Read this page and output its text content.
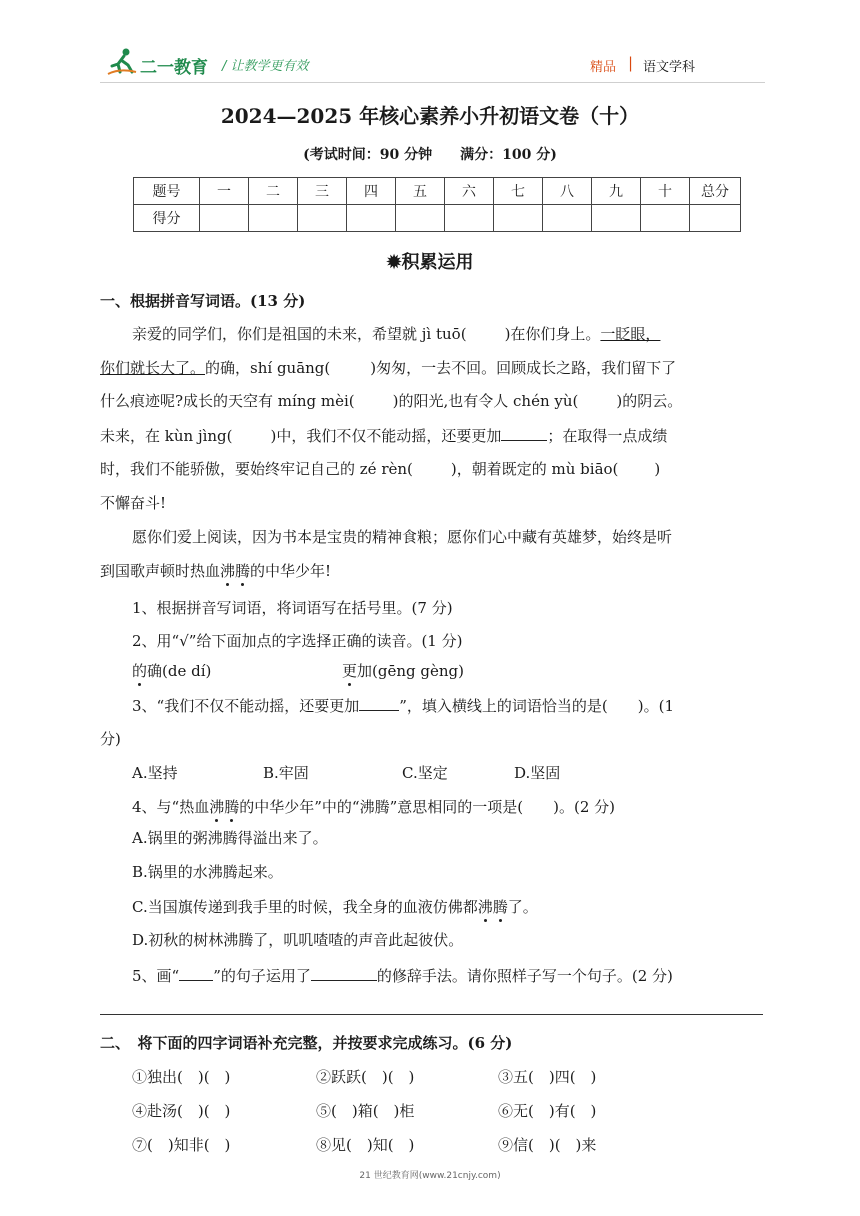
二一教育 / 让教学更有效	精品 | 语文学科
2024—2025 年核心素养小升初语文卷（十）
(考试时间：90 分钟　　满分：100 分)
题号	一	二	三	四	五	六	七	八	九	十	总分
得分											
✹积累运用
一、根据拼音写词语。(13 分)
亲爱的同学们，你们是祖国的未来，希望就 jì tuō(	)在你们身上。一眨眼，
你们就长大了。的确，shí guāng(	)匆匆，一去不回。回顾成长之路，我们留下了
什么痕迹呢?成长的天空有 míng mèi(	)的阳光,也有令人 chén yù(	)的阴云。
未来，在 kùn jìng(	)中，我们不仅不能动摇，还要更加	；在取得一点成绩
时，我们不能骄傲，要始终牢记自己的 zé rèn(	)，朝着既定的 mù biāo( )
不懈奋斗!
愿你们爱上阅读，因为书本是宝贵的精神食粮；愿你们心中藏有英雄梦，始终是听
到国歌声顿时热血沸腾的中华少年!
1、根据拼音写词语，将词语写在括号里。(7 分)
2、用“√”给下面加点的字选择正确的读音。(1 分)
的确(de dí)	更加(gēng gèng)
3、“我们不仅不能动摇，还要更加	”，填入横线上的词语恰当的是(　　)。(1
分)
A.坚持	B.牢固	C.坚定	D.坚固
4、与“热血沸腾的中华少年”中的“沸腾”意思相同的一项是(　　)。(2 分)
A.锅里的粥沸腾得溢出来了。
B.锅里的水沸腾起来。
C.当国旗传递到我手里的时候，我全身的血液仿佛都沸腾了。
D.初秋的树林沸腾了，叽叽喳喳的声音此起彼伏。
5、画“ ”的句子运用了	的修辞手法。请你照样子写一个句子。(2 分)
二、　将下面的四字词语补充完整，并按要求完成练习。(6 分)
①独出(　)(　)	②跃跃(　)(　)	③五(　)四(　)
④赴汤(　)(　)	⑤(　)箱(　)柜	⑥无(　)有(　)
⑦(　)知非(　)	⑧见(　)知(　)	⑨信(　)(　)来
21 世纪教育网(www.21cnjy.com)
